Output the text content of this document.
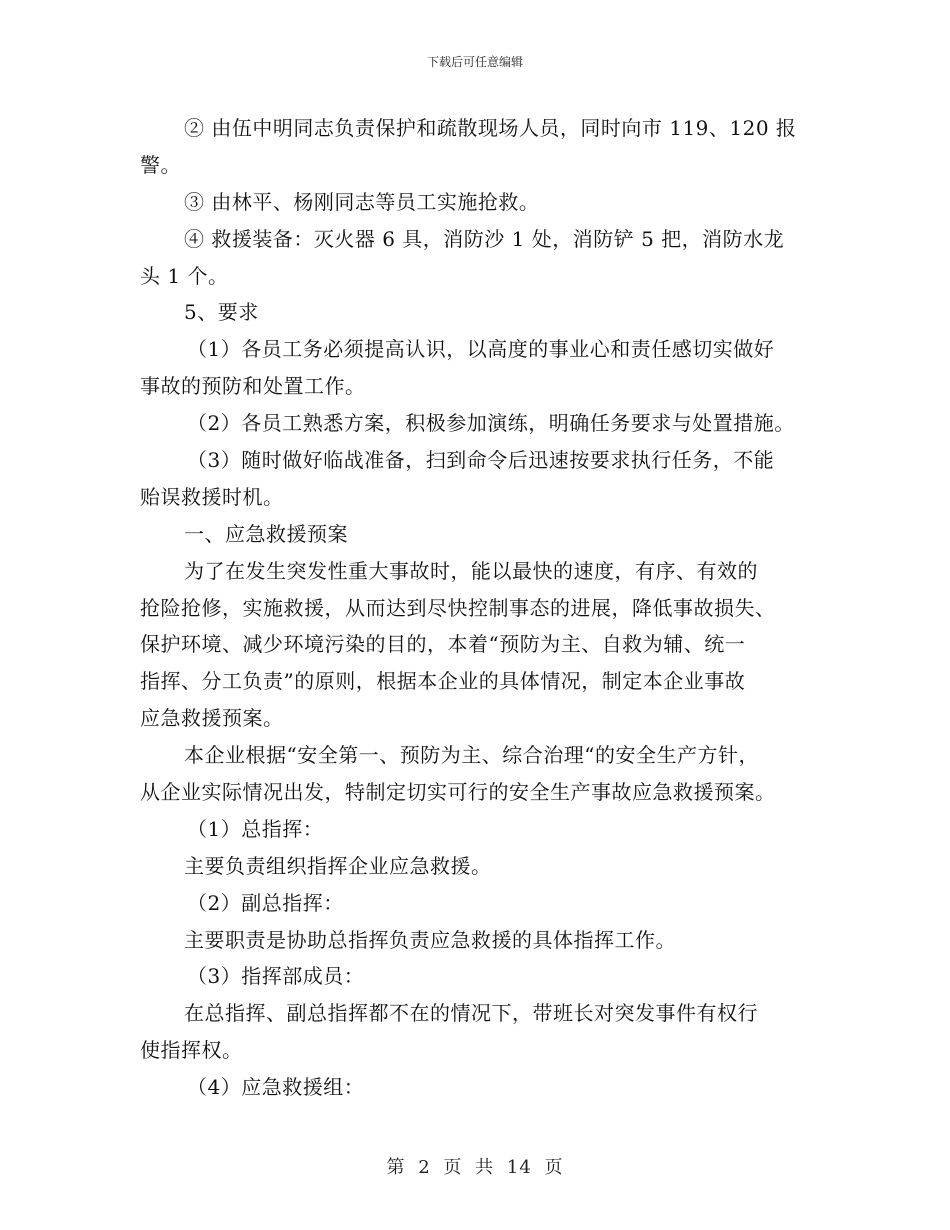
下载后可任意编辑
② 由伍中明同志负责保护和疏散现场人员，同时向市 119、120 报
警。
③ 由林平、杨刚同志等员工实施抢救。
④ 救援装备：灭火器 6 具，消防沙 1 处，消防铲 5 把，消防水龙
头 1 个。
5、要求
（1）各员工务必须提高认识，以高度的事业心和责任感切实做好
事故的预防和处置工作。
（2）各员工熟悉方案，积极参加演练，明确任务要求与处置措施。
（3）随时做好临战准备，扫到命令后迅速按要求执行任务，不能
贻误救援时机。
一、应急救援预案
为了在发生突发性重大事故时，能以最快的速度，有序、有效的
抢险抢修，实施救援，从而达到尽快控制事态的进展，降低事故损失、
保护环境、减少环境污染的目的，本着“预防为主、自救为辅、统一
指挥、分工负责”的原则，根据本企业的具体情况，制定本企业事故
应急救援预案。
本企业根据“安全第一、预防为主、综合治理“的安全生产方针，
从企业实际情况出发，特制定切实可行的安全生产事故应急救援预案。
（1）总指挥：
主要负责组织指挥企业应急救援。
（2）副总指挥：
主要职责是协助总指挥负责应急救援的具体指挥工作。
（3）指挥部成员：
在总指挥、副总指挥都不在的情况下，带班长对突发事件有权行
使指挥权。
（4）应急救援组：
第 2 页 共 14 页
